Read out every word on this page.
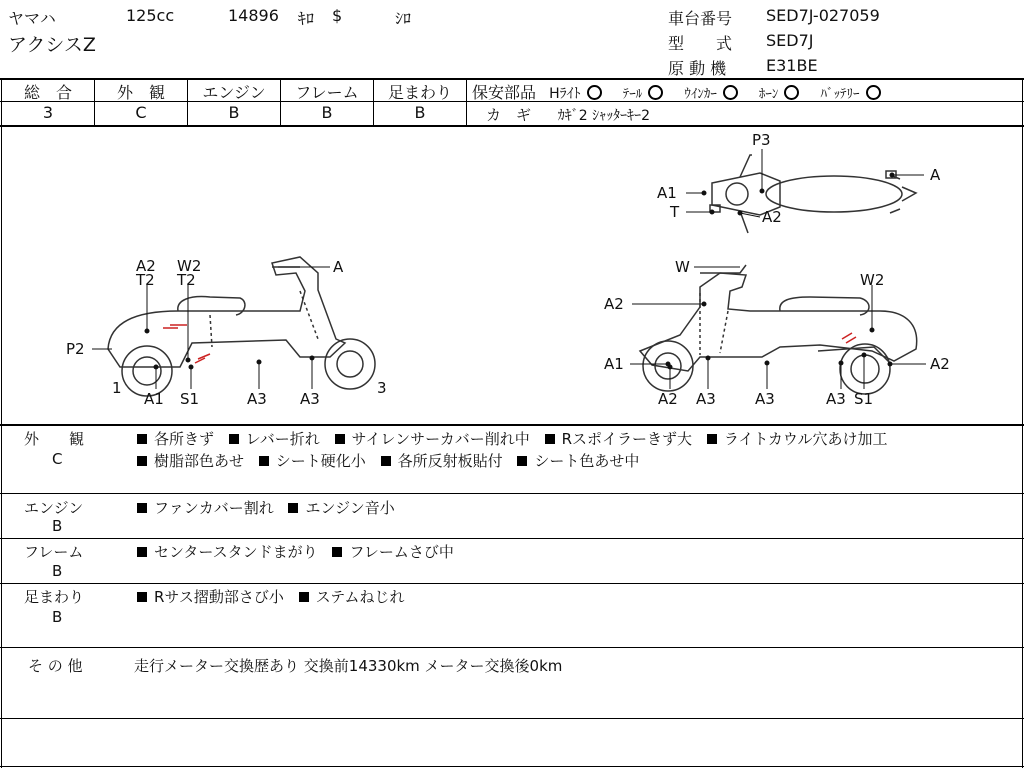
ヤマハ	125cc	14896 ｷﾛ $	ｼﾛ
アクシスZ
車台番号 SED7J-027059
型　　式 SED7J
原 動 機 E31BE
総　合
3
外　観
C
エンジン
B
フレーム
B
足まわり
B
保安部品 Hﾗｲﾄ	ﾃｰﾙ	ｳｲﾝｶｰ	ﾎｰﾝ	ﾊﾞｯﾃﾘｰ
カ　ギ ｶｷﾞ2 ｼｬｯﾀｰｷｰ2
A2
T2
W2
T2
A
P2
1
A1 S1	A3 A3
3
W
W2
A2
A1	A2
A2 A3	A3	A3 S1
P3
A
A1
T	A2
外　　観
C
各所きず レバー折れ サイレンサーカバー削れ中 Rスポイラーきず大 ライトカウル穴あけ加工
樹脂部色あせ シート硬化小 各所反射板貼付 シート色あせ中
エンジン
B
ファンカバー割れ エンジン音小
フレーム
B
センタースタンドまがり フレームさび中
足まわり
B
Rサス摺動部さび小 ステムねじれ
そ の 他	走行メーター交換歴あり 交換前14330km メーター交換後0km
